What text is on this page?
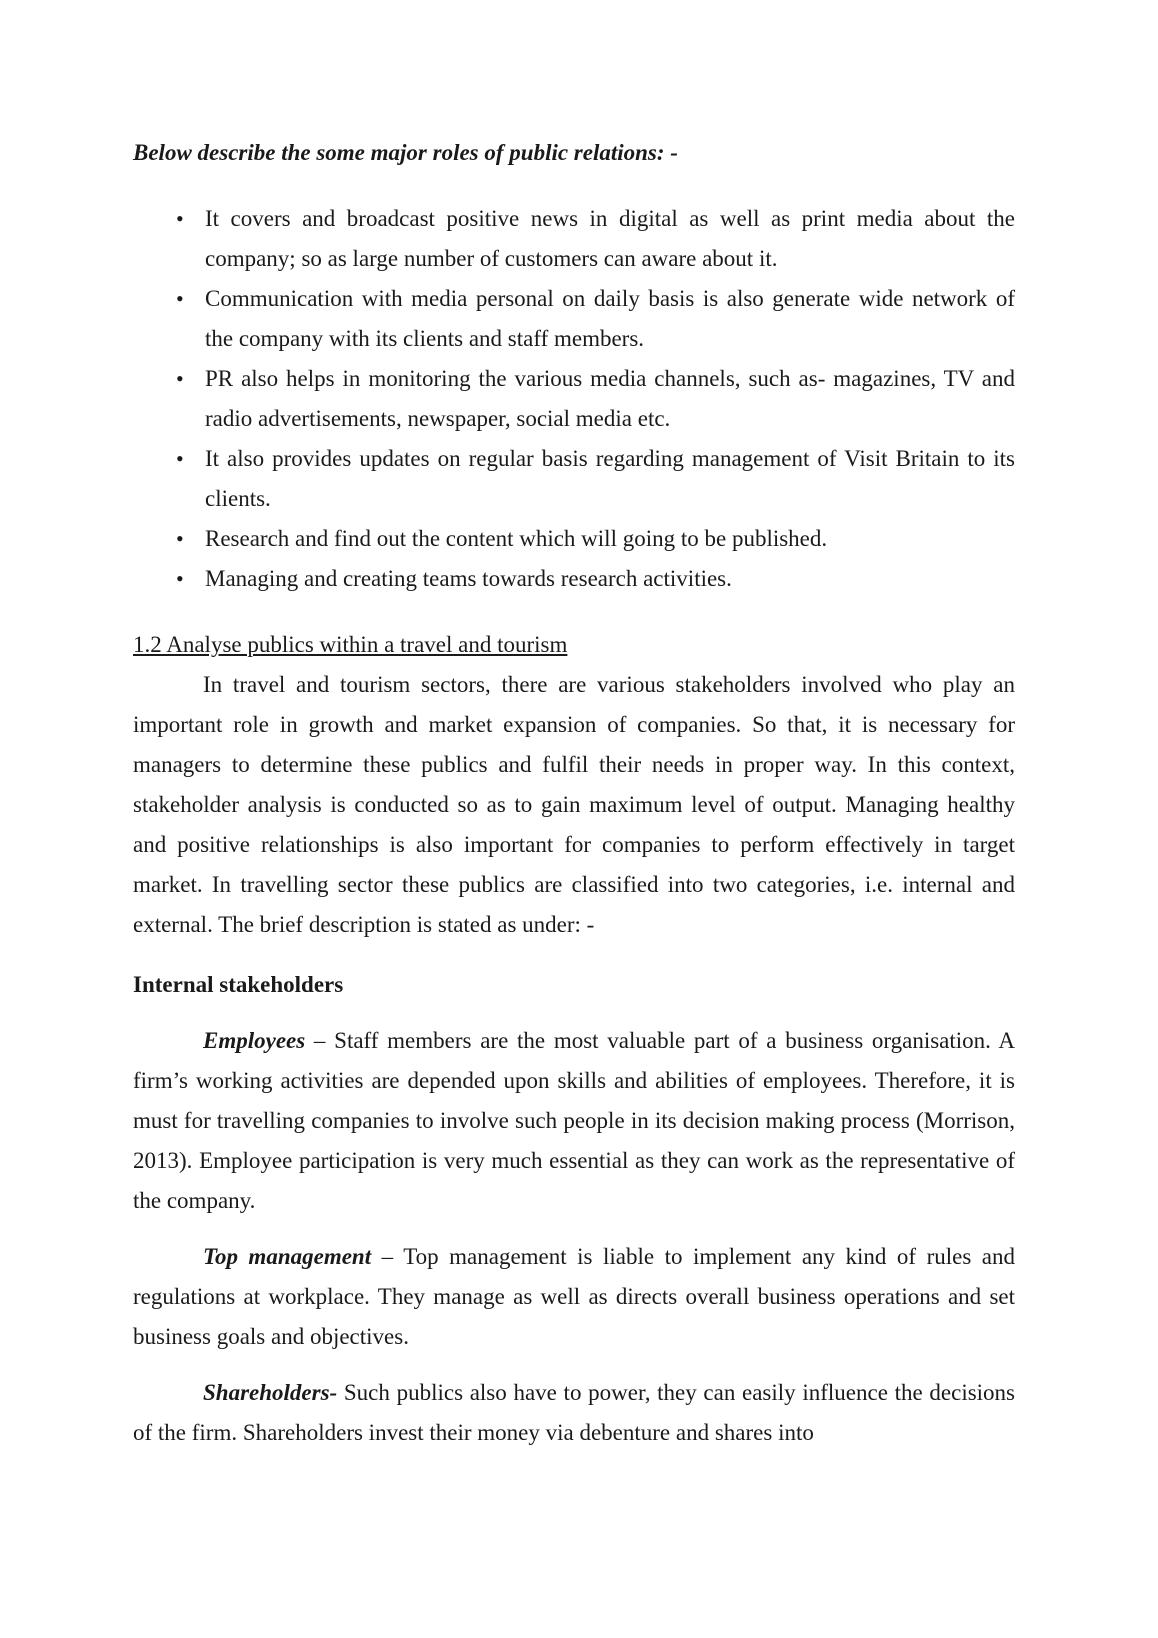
Below describe the some major roles of public relations: -
• It covers and broadcast positive news in digital as well as print media about the company; so as large number of customers can aware about it.
• Communication with media personal on daily basis is also generate wide network of the company with its clients and staff members.
• PR also helps in monitoring the various media channels, such as- magazines, TV and radio advertisements, newspaper, social media etc.
• It also provides updates on regular basis regarding management of Visit Britain to its clients.
• Research and find out the content which will going to be published.
• Managing and creating teams towards research activities.
1.2 Analyse publics within a travel and tourism

In travel and tourism sectors, there are various stakeholders involved who play an important role in growth and market expansion of companies. So that, it is necessary for managers to determine these publics and fulfil their needs in proper way. In this context, stakeholder analysis is conducted so as to gain maximum level of output. Managing healthy and positive relationships is also important for companies to perform effectively in target market. In travelling sector these publics are classified into two categories, i.e. internal and external. The brief description is stated as under: -

Internal stakeholders

Employees – Staff members are the most valuable part of a business organisation. A firm’s working activities are depended upon skills and abilities of employees. Therefore, it is must for travelling companies to involve such people in its decision making process (Morrison, 2013). Employee participation is very much essential as they can work as the representative of the company.

Top management – Top management is liable to implement any kind of rules and regulations at workplace. They manage as well as directs overall business operations and set business goals and objectives.

Shareholders- Such publics also have to power, they can easily influence the decisions of the firm. Shareholders invest their money via debenture and shares into
